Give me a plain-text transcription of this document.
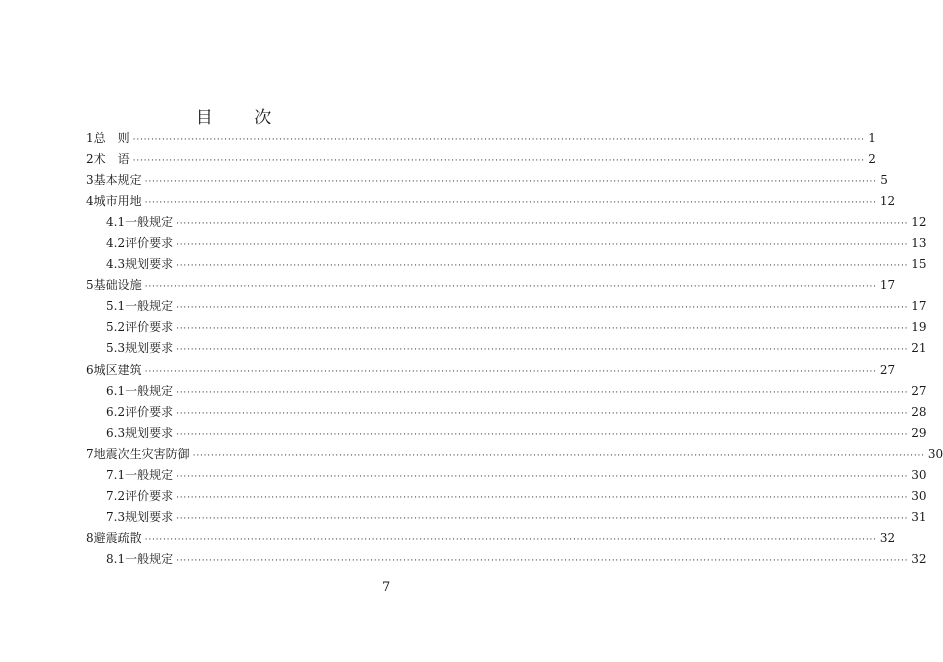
目 次
1 总　则 ········································································································································································································ 1
2 术　语 ········································································································································································································ 2
3 基本规定 ········································································································································································································ 5
4 城市用地 ········································································································································································································ 12
4.1 一般规定 ········································································································································································································ 12
4.2 评价要求 ········································································································································································································ 13
4.3 规划要求 ········································································································································································································ 15
5 基础设施 ········································································································································································································ 17
5.1 一般规定 ········································································································································································································ 17
5.2 评价要求 ········································································································································································································ 19
5.3 规划要求 ········································································································································································································ 21
6 城区建筑 ········································································································································································································ 27
6.1 一般规定 ········································································································································································································ 27
6.2 评价要求 ········································································································································································································ 28
6.3 规划要求 ········································································································································································································ 29
7 地震次生灾害防御 ········································································································································································································ 30
7.1 一般规定 ········································································································································································································ 30
7.2 评价要求 ········································································································································································································ 30
7.3 规划要求 ········································································································································································································ 31
8 避震疏散 ········································································································································································································ 32
8.1 一般规定 ········································································································································································································ 32
7
